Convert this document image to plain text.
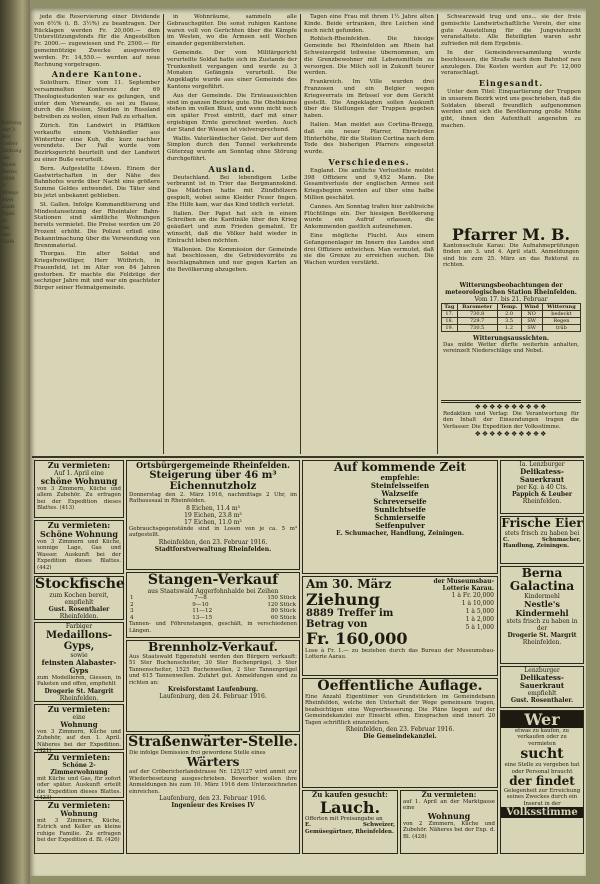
bietung
der 3
Kor
Ueber
Zeitung
die
Basel
Berns
2000
3
Kriegs
zwei
stadt
Spiel
in
die
der
Hilfe

jede die Reservierung einer Dividende von 6½% (i. B. 3½%) zu beantragen. Der Rücklagen werden Fr. 20,000.— dem Unterstützungsfonds für die Angestellten Fr. 2000.— zugewiesen und Fr. 2500.— für gemeinnützige Zwecke ausgeworfen werden. Fr. 14,550.— werden auf neue Rechnung vorgetragen.

Andere Kantone.

Solothurn. Einer vom 11. September versammelten Konferenz der 69 Theologiestudenten war es gelungen, und unter dem Vorwande, es sei zu Hause, durch die Mission, Studien in Russland betreiben zu wollen, einen Paß zu erhalten.

Zürich. Ein Landwirt in Pfäffikon verkaufte einem Viehhändler aus Winterthur eine Kuh, die kurz nachher verendete. Der Fall wurde vom Bezirksgericht beurteilt und der Landwirt zu einer Buße verurteilt.

Bern. Aufgestellte Löwen. Einem der Gastwirtschaften in der Nähe des Bahnhofes wurde über Nacht eine größere Summe Geldes entwendet. Die Täter sind bis jetzt unbekannt geblieben.

St. Gallen. Infolge Kommanditierung und Mindestansetzung der Rheintaler Bahn-Stationen sind sämtliche Wohnungen bereits vermietet. Die Preise werden um 20 Prozent erhöht. Die Polizei erließ eine Bekanntmachung über die Verwendung von Brennmaterial.

Thurgau. Ein alter Soldat und Kriegsfreiwilliger, Herr Wüthrich, in Frauenfeld, ist im Alter von 84 Jahren gestorben. Er machte die Feldzüge der sechziger Jahre mit und war ein geachteter Bürger seiner Heimatgemeinde.

in Wohnräume, sammeln alle Gebrauchsgüter. Die sonst ruhigen Kantone waren voll von Gerüchten über die Kämpfe im Westen, wo die Armeen seit Wochen einander gegenüberstehen.

Gemeinde. Der vom Militärgericht verurteilte Soldat hatte sich im Zustande der Trunkenheit vergangen und wurde zu 3 Monaten Gefängnis verurteilt. Die Angeklagte wurde aus einer Gemeinde des Kantons vorgeführt.

Aus der Gemeinde. Die Ernteaussichten sind im ganzen Bezirke gute. Die Obstbäume stehen im vollen Blust, und wenn nicht noch ein später Frost eintritt, darf mit einer ergiebigen Ernte gerechnet werden. Auch der Stand der Wiesen ist vielversprechend.

Wallis. Vaterländischer Geist. Der auf dem Simplon durch den Tunnel verkehrende Güterzug wurde am Sonntag ohne Störung durchgeführt.

Ausland.

Deutschland. Bei lebendigem Leibe verbrannt ist in Trier das Bergmannskind. Das Mädchen hatte mit Zündhölzern gespielt, wobei seine Kleider Feuer fingen. Ehe Hilfe kam, war das Kind tödlich verletzt.

Italien. Der Papst hat sich in einem Schreiben an die Kardinäle über den Krieg geäußert und zum Frieden gemahnt. Er wünscht, daß die Völker bald wieder in Eintracht leben möchten.

Wallonien. Die Kommission der Gemeinde hat beschlossen, die Getreidevorräte zu beschlagnahmen und nur gegen Karten an die Bevölkerung abzugeben.

Tagen eine Frau mit ihrem 1½ Jahre alten Kinde. Beide ertranken, ihre Leichen sind noch nicht gefunden.

Rohlsch-Rheinfelden. Die hiesige Gemeinde bei Rheinfelden am Rhein hat Schweizergeld teilweise übernommen, um die Grenzbewohner mit Lebensmitteln zu versorgen. Die Milch soll in Zukunft teurer werden.

Frankreich. Im Ville wurden drei Franzosen und ein Belgier wegen Kriegsverrats im Brüssel vor dem Gericht gestellt. Die Angeklagten sollen Auskunft über die Stellungen der Truppen gegeben haben.

Italien. Man meldet aus Cortina-Bruegg, daß ein neuer Pfarrer, Ehrwürden Hinterhöhe, für die Station Cortina nach dem Tode des bisherigen Pfarrers eingesetzt wurde.

Verschiedenes.

England. Die amtliche Verlustliste meldet 398 Offiziere und 9,452 Mann. Die Gesamtverluste der englischen Armee seit Kriegsbeginn werden auf über eine halbe Million geschätzt.

Cannes. Am Sonntag trafen hier zahlreiche Flüchtlinge ein. Der hiesigen Bevölkerung wurde ein Aufruf erlassen, die Ankommenden gastlich aufzunehmen.

Eine mögliche Flucht. Aus einem Gefangenenlager im Innern des Landes sind drei Offiziere entwichen. Man vermutet, daß sie die Grenze zu erreichen suchen. Die Wachen wurden verstärkt.

Schwarzwald trug und uns... sie der freie gemischte Landwirtschaftliche Verein, der eine gute Ausstellung für die Jungviehzucht veranstaltete. Alle Beteiligten waren sehr zufrieden mit dem Ergebnis.

In der Gemeindeversammlung wurde beschlossen, die Straße nach dem Bahnhof neu anzulegen. Die Kosten werden auf Fr. 12,000 veranschlagt.

Eingesandt.

Unter dem Titel: Einquartierung der Truppen in unserem Bezirk wird uns geschrieben, daß die Soldaten überall freundlich aufgenommen werden und sich die Bevölkerung große Mühe gibt, ihnen den Aufenthalt angenehm zu machen.

Pfarrer M. B.
Kantonsschule Karau: Die Aufnahmeprüfungen finden am 3. und 4. April statt. Anmeldungen sind bis zum 25. März an das Rektorat zu richten.
Witterungsbeobachtungen der meteorologischen Station Rheinfelden.
Vom 17. bis 21. Februar
Tag	Barometer	Temp.	Wind	Witterung
17.	730.8	2.0	NO	bedeckt
18.	729.7	3.5	SW	Regen
19.	730.5	1.2	SW	trüb
Witterungsaussichten.
Das milde Wetter dürfte weiterhin anhalten, vereinzelt Niederschläge und Nebel.
❖❖❖❖❖❖❖❖❖❖
Redaktion und Verlag: Die Verantwortung für den Inhalt der Einsendungen tragen die Verfasser. Die Expedition der Volksstimme.
❖❖❖❖❖❖❖❖❖❖
Zu vermieten:
Auf 1. April eine
schöne Wohnung
von 3 Zimmern, Küche und allem Zubehör. Zu erfragen bei der Expedition dieses Blattes. (413)
Zu vermieten:
Schöne Wohnung
von 3 Zimmern und Küche, sonnige Lage, Gas und Wasser. Auskunft bei der Expedition dieses Blattes. (442)
Stockfische
zum Kochen bereit, empfiehlt
Gust. Rosenthaler
Rheinfelden.
Farbiger
Medaillons-Gyps,
sowie
feinsten Alabaster-Gyps
zum Modellieren, Giessen, in Paketen und offen, empfiehlt
Drogerie St. Margrit
Rheinfelden.
Zu vermieten:
eine
Wohnung
von 3 Zimmern, Küche und Zubehör, auf den 1. April. Näheres bei der Expedition. (421)
Zu vermieten:
Schöne 2-Zimmerwohnung
mit Küche und Gas, für sofort oder später. Auskunft erteilt die Expedition dieses Blattes. (423)
Zu vermieten:
Wohnung
mit 3 Zimmern, Küche, Estrich und Keller an kleine ruhige Familie. Zu erfragen bei der Expedition d. Bl. (426)
Ortsbürgergemeinde Rheinfelden.
Steigerung über 46 m³ Eichennutzholz
Donnerstag den 2. März 1916, nachmittags 2 Uhr, im Rathaussaal in Rheinfelden.
8 Eichen, 11.4 m³
19 Eichen, 23.8 m³
17 Eichen, 11.0 m³
Gebrauchsgegenstände sind in Losen von je ca. 5 m³ aufgestellt.
Rheinfelden, den 23. Februar 1916.
Stadtforstverwaltung Rheinfelden.
Stangen-Verkauf
aus Staatswald Aggerfohnhalde bei Zeihen
1	7—8	150 Stück
2	9—10	120 Stück
3	11—12	80 Stück
4	13—15	60 Stück
Tannen- und Föhrenstangen, geschält, in verschiedenen Längen.
Brennholz-Verkauf.
Aus Staatswald Eggenstuhl werden den Bürgern verkauft: 51 Ster Buchenscheiter, 30 Ster Buchenprügel, 3 Ster Tannenscheiter, 1525 Buchenwellen, 2 Ster Tannenprügel und 615 Tannenwellen. Zufahrt gut. Anmeldungen sind zu richten an:
Kreisforstamt Laufenburg.
Laufenburg, den 24. Februar 1916.
Straßenwärter-Stelle.
Die infolge Demission frei gewordene Stelle eines
Wärters
auf der Cröbericherlandstrasse Nr. 125/127 wird anmit zur Wiederbesetzung ausgeschrieben. Bewerber wollen ihre Anmeldungen bis zum 10. März 1916 dem Unterzeichneten einreichen.
Laufenburg, den 23. Februar 1916.
Ingenieur des Kreises IV
Auf kommende Zeit
empfehle:
Steinfelsseifen
Walzseife
Schreverseife
Sunlichtseife
Schmierseife
Seifenpulver
E. Schumacher, Handlung, Zeiningen.
Am 30. März
Ziehung
8889 Treffer im Betrag von
Fr. 160,000
der Museumsbau-Lotterie Karau.
1 à Fr. 20,000
1 à 10,000
1 à 5,000
1 à 2,000
5 à 1,000
Lose à Fr. 1.— zu beziehen durch das Bureau der Museumsbau-Lotterie Aarau.
Oeffentliche Auflage.
Eine Anzahl Eigentümer von Grundstücken im Gemeindebann Rheinfelden, welche den Unterhalt der Wege gemeinsam tragen, beabsichtigen eine Wegverbesserung. Die Pläne liegen auf der Gemeindekanzlei zur Einsicht offen. Einsprachen sind innert 20 Tagen schriftlich einzureichen.
Rheinfelden, den 23. Februar 1916.
Die Gemeindekanzlei.
Zu kaufen gesucht:
Lauch.
Offerten mit Preisangabe an
E. Schweizer, Gemüsegärtner, Rheinfelden.
Zu vermieten:
auf 1. April an der Marktgasse eine
Wohnung
von 2 Zimmern, Küche und Zubehör. Näheres bei der Exp. d. Bl. (428)
Ia. Lenzburger
Delikatess-Sauerkraut
per Kg. à 40 Cts.
Pappich & Leuber
Rheinfelden.
Frische Eier
stets frisch zu haben bei
C. Schumacher, Handlung, Zeiningen.
Berna
Galactina
Kindermehl
Nestle's Kindermehl
stets frisch zu haben in der
Drogerie St. Margrit
Rheinfelden.
Lenzburger
Delikatess-Sauerkraut
empfiehlt
Gust. Rosenthaler.
Wer
etwas zu kaufen, zu verkaufen oder zu vermieten
sucht
eine Stelle zu vergeben hat oder Personal braucht
der findet
Gelegenheit zur Erreichung seines Zweckes durch ein Inserat in der
Volksstimme
